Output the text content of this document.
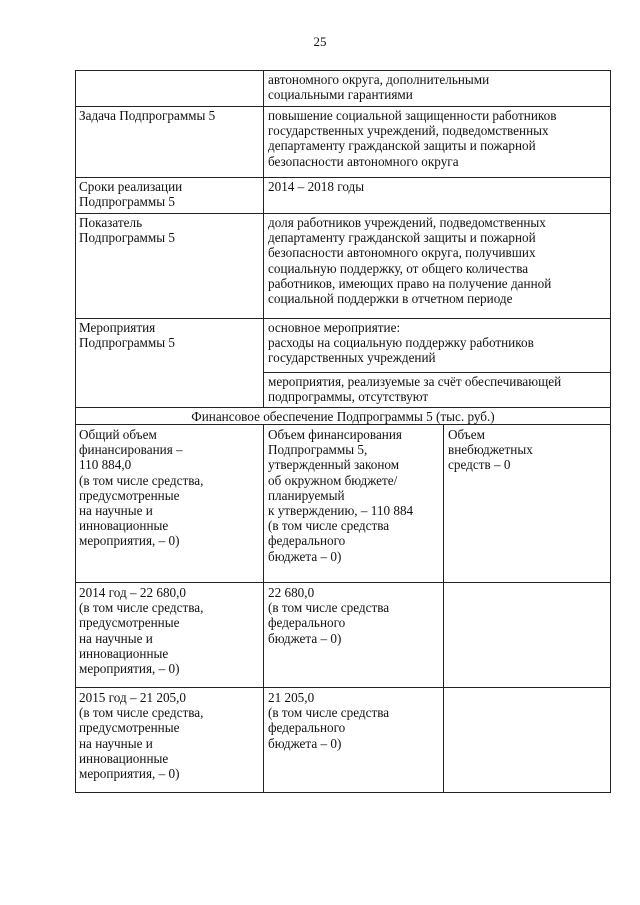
25
автономного округа, дополнительными
социальными гарантиями
Задача Подпрограммы 5	повышение социальной защищенности работников
государственных учреждений, подведомственных
департаменту гражданской защиты и пожарной
безопасности автономного округа
Сроки реализации
Подпрограммы 5
2014 – 2018 годы
Показатель
Подпрограммы 5
доля работников учреждений, подведомственных
департаменту гражданской защиты и пожарной
безопасности автономного округа, получивших
социальную поддержку, от общего количества
работников, имеющих право на получение данной
социальной поддержки в отчетном периоде
Мероприятия
Подпрограммы 5
основное мероприятие:
расходы на социальную поддержку работников
государственных учреждений
мероприятия, реализуемые за счёт обеспечивающей
подпрограммы, отсутствуют
Финансовое обеспечение Подпрограммы 5 (тыс. руб.)
Общий объем
финансирования –
110 884,0
(в том числе средства,
предусмотренные
на научные и
инновационные
мероприятия, – 0)
Объем финансирования
Подпрограммы 5,
утвержденный законом
об окружном бюджете/
планируемый
к утверждению, – 110 884
(в том числе средства
федерального
бюджета – 0)
Объем
внебюджетных
средств – 0
2014 год – 22 680,0
(в том числе средства,
предусмотренные
на научные и
инновационные
мероприятия, – 0)
22 680,0
(в том числе средства
федерального
бюджета – 0)
2015 год – 21 205,0
(в том числе средства,
предусмотренные
на научные и
инновационные
мероприятия, – 0)
21 205,0
(в том числе средства
федерального
бюджета – 0)
